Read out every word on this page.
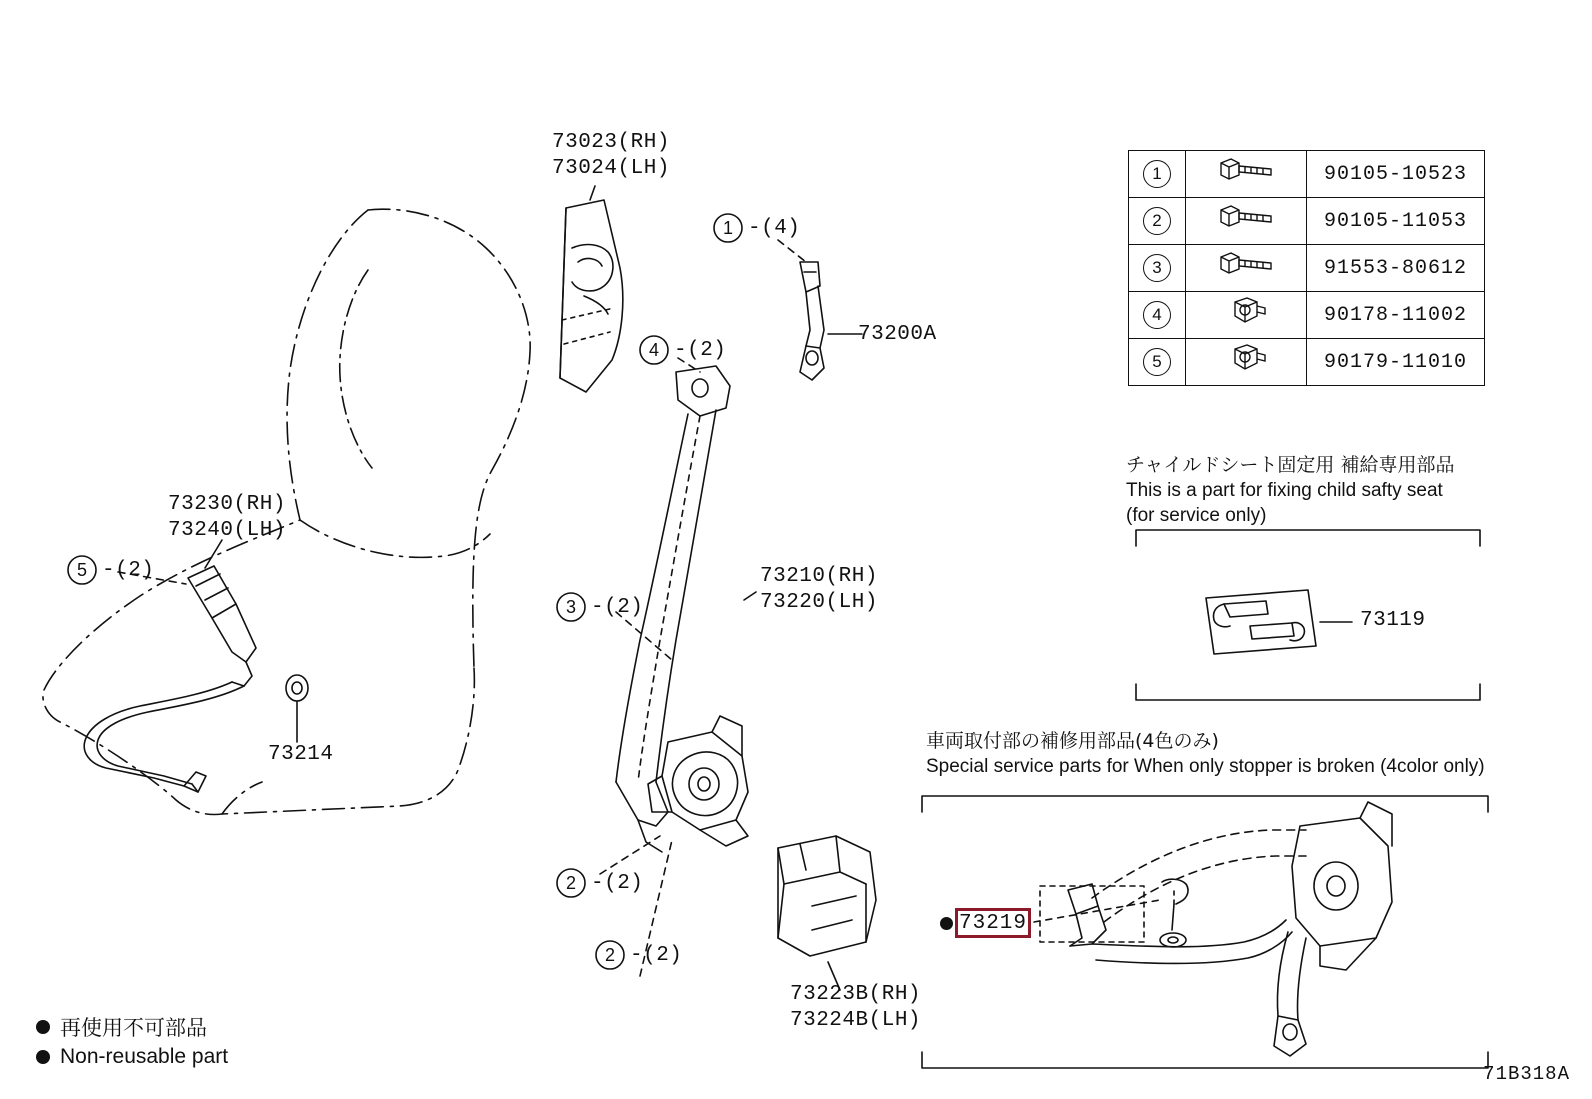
1
4
5
3
2
2
1		90105-10523
2		90105-11053
3		91553-80612
4		90178-11002
5		90179-11010
73023(RH)
73024(LH)
-(4)
73200A
-(2)
73230(RH)
73240(LH)
-(2)
73214
73210(RH)
73220(LH)
-(2)
-(2)
-(2)
73223B(RH)
73224B(LH)
73119
チャイルドシート固定用 補給専用部品
This is a part for fixing child safty seat
(for service only)
車両取付部の補修用部品(4色のみ)
Special service parts for When only stopper is broken (4color only)
73219
再使用不可部品
Non-reusable part
71B318A
